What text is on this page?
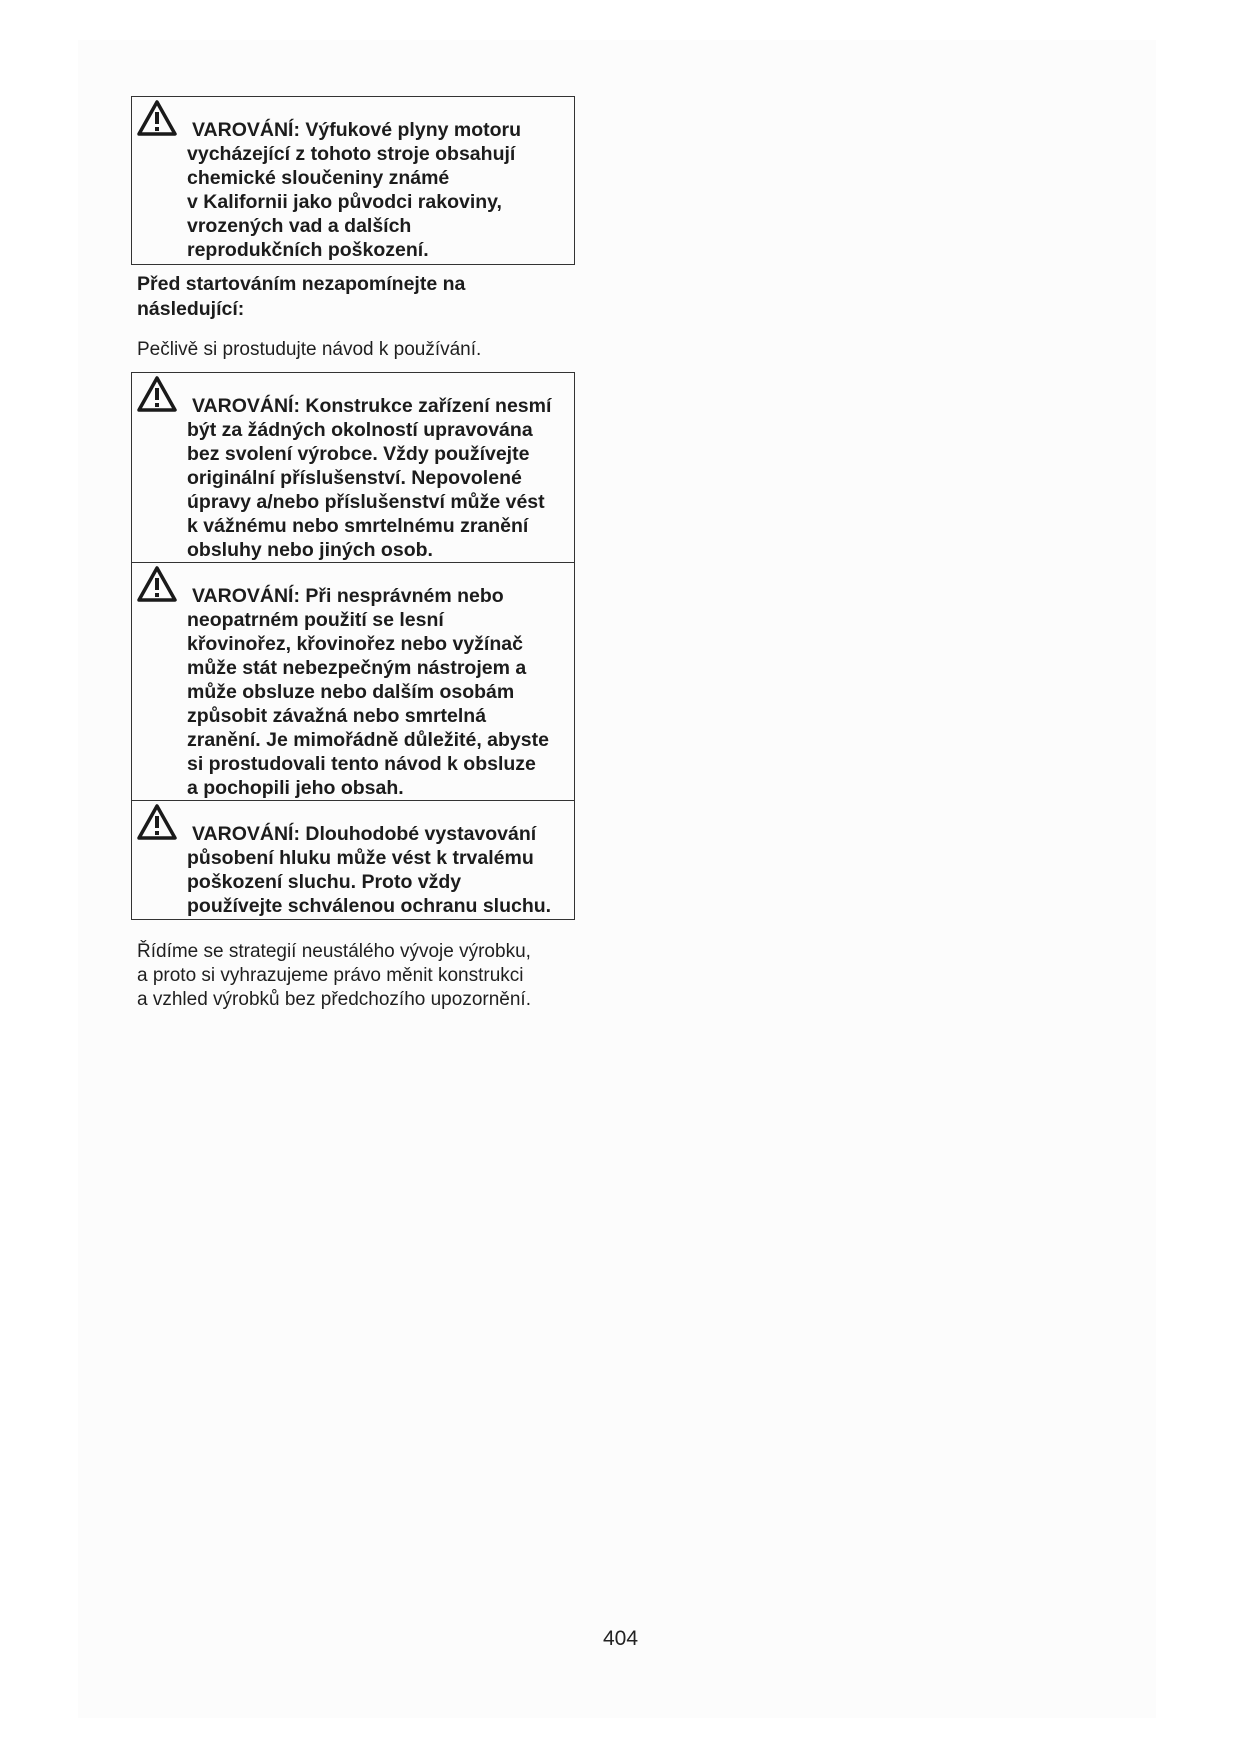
VAROVÁNÍ: Výfukové plyny motoru
vycházející z tohoto stroje obsahují
chemické sloučeniny známé
v Kalifornii jako původci rakoviny,
vrozených vad a dalších
reprodukčních poškození.
Před startováním nezapomínejte na
následující:
Pečlivě si prostudujte návod k používání.
VAROVÁNÍ: Konstrukce zařízení nesmí
být za žádných okolností upravována
bez svolení výrobce. Vždy používejte
originální příslušenství. Nepovolené
úpravy a/nebo příslušenství může vést
k vážnému nebo smrtelnému zranění
obsluhy nebo jiných osob.
VAROVÁNÍ: Při nesprávném nebo
neopatrném použití se lesní
křovinořez, křovinořez nebo vyžínač
může stát nebezpečným nástrojem a
může obsluze nebo dalším osobám
způsobit závažná nebo smrtelná
zranění. Je mimořádně důležité, abyste
si prostudovali tento návod k obsluze
a pochopili jeho obsah.
VAROVÁNÍ: Dlouhodobé vystavování
působení hluku může vést k trvalému
poškození sluchu. Proto vždy
používejte schválenou ochranu sluchu.
Řídíme se strategií neustálého vývoje výrobku,
a proto si vyhrazujeme právo měnit konstrukci
a vzhled výrobků bez předchozího upozornění.
404
